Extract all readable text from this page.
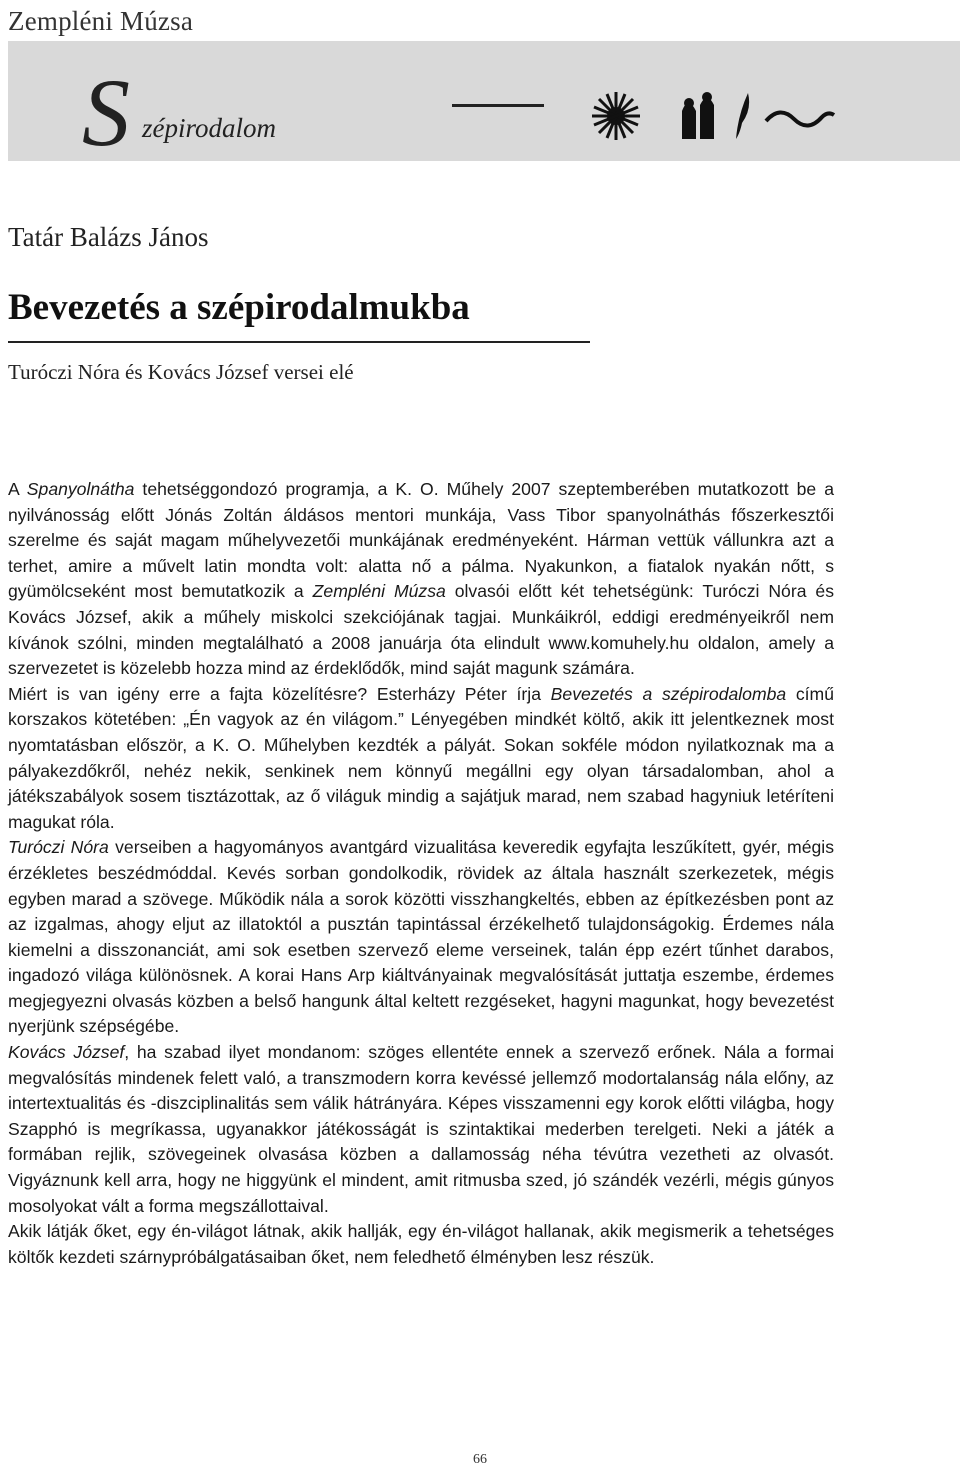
Zempléni Múzsa
S zépirodalom
Tatár Balázs János
Bevezetés a szépirodalmukba
Turóczi Nóra és Kovács József versei elé

A Spanyolnátha tehetséggondozó programja, a K. O. Műhely 2007 szeptemberében mutatkozott be a nyilvánosság előtt Jónás Zoltán áldásos mentori munkája, Vass Tibor spanyolnáthás főszerkesztői szerelme és saját magam műhelyvezetői munkájának eredményeként. Hárman vettük vállunkra azt a terhet, amire a művelt latin mondta volt: alatta nő a pálma. Nyakunkon, a fiatalok nyakán nőtt, s gyümölcseként most bemutatkozik a Zempléni Múzsa olvasói előtt két tehetségünk: Turóczi Nóra és Kovács József, akik a műhely miskolci szekciójának tagjai. Munkáikról, eddigi eredményeikről nem kívánok szólni, minden megtalálható a 2008 januárja óta elindult www.komuhely.hu oldalon, amely a szervezetet is közelebb hozza mind az érdeklődők, mind saját magunk számára.

Miért is van igény erre a fajta közelítésre? Esterházy Péter írja Bevezetés a szépirodalomba című korszakos kötetében: „Én vagyok az én világom.” Lényegében mindkét költő, akik itt jelentkeznek most nyomtatásban először, a K. O. Műhelyben kezdték a pályát. Sokan sokféle módon nyilatkoznak ma a pályakezdőkről, nehéz nekik, senkinek nem könnyű megállni egy olyan társadalomban, ahol a játékszabályok sosem tisztázottak, az ő világuk mindig a sajátjuk marad, nem szabad hagyniuk letéríteni magukat róla.

Turóczi Nóra verseiben a hagyományos avantgárd vizualitása keveredik egyfajta leszűkített, gyér, mégis érzékletes beszédmóddal. Kevés sorban gondolkodik, rövidek az általa használt szerkezetek, mégis egyben marad a szövege. Működik nála a sorok közötti visszhangkeltés, ebben az építkezésben pont az az izgalmas, ahogy eljut az illatoktól a pusztán tapintással érzékelhető tulajdonságokig. Érdemes nála kiemelni a disszonanciát, ami sok esetben szervező eleme verseinek, talán épp ezért tűnhet darabos, ingadozó világa különösnek. A korai Hans Arp kiáltványainak megvalósítását juttatja eszembe, érdemes megjegyezni olvasás közben a belső hangunk által keltett rezgéseket, hagyni magunkat, hogy bevezetést nyerjünk szépségébe.

Kovács József, ha szabad ilyet mondanom: szöges ellentéte ennek a szervező erőnek. Nála a formai megvalósítás mindenek felett való, a transzmodern korra kevéssé jellemző modortalanság nála előny, az intertextualitás és -diszciplinalitás sem válik hátrányára. Képes visszamenni egy korok előtti világba, hogy Szapphó is megríkassa, ugyanakkor játékosságát is szintaktikai mederben terelgeti. Neki a játék a formában rejlik, szövegeinek olvasása közben a dallamosság néha tévútra vezetheti az olvasót. Vigyáznunk kell arra, hogy ne higgyünk el mindent, amit ritmusba szed, jó szándék vezérli, mégis gúnyos mosolyokat vált a forma megszállottaival.

Akik látják őket, egy én-világot látnak, akik hallják, egy én-világot hallanak, akik megismerik a tehetséges költők kezdeti szárnypróbálgatásaiban őket, nem feledhető élményben lesz részük.

66
